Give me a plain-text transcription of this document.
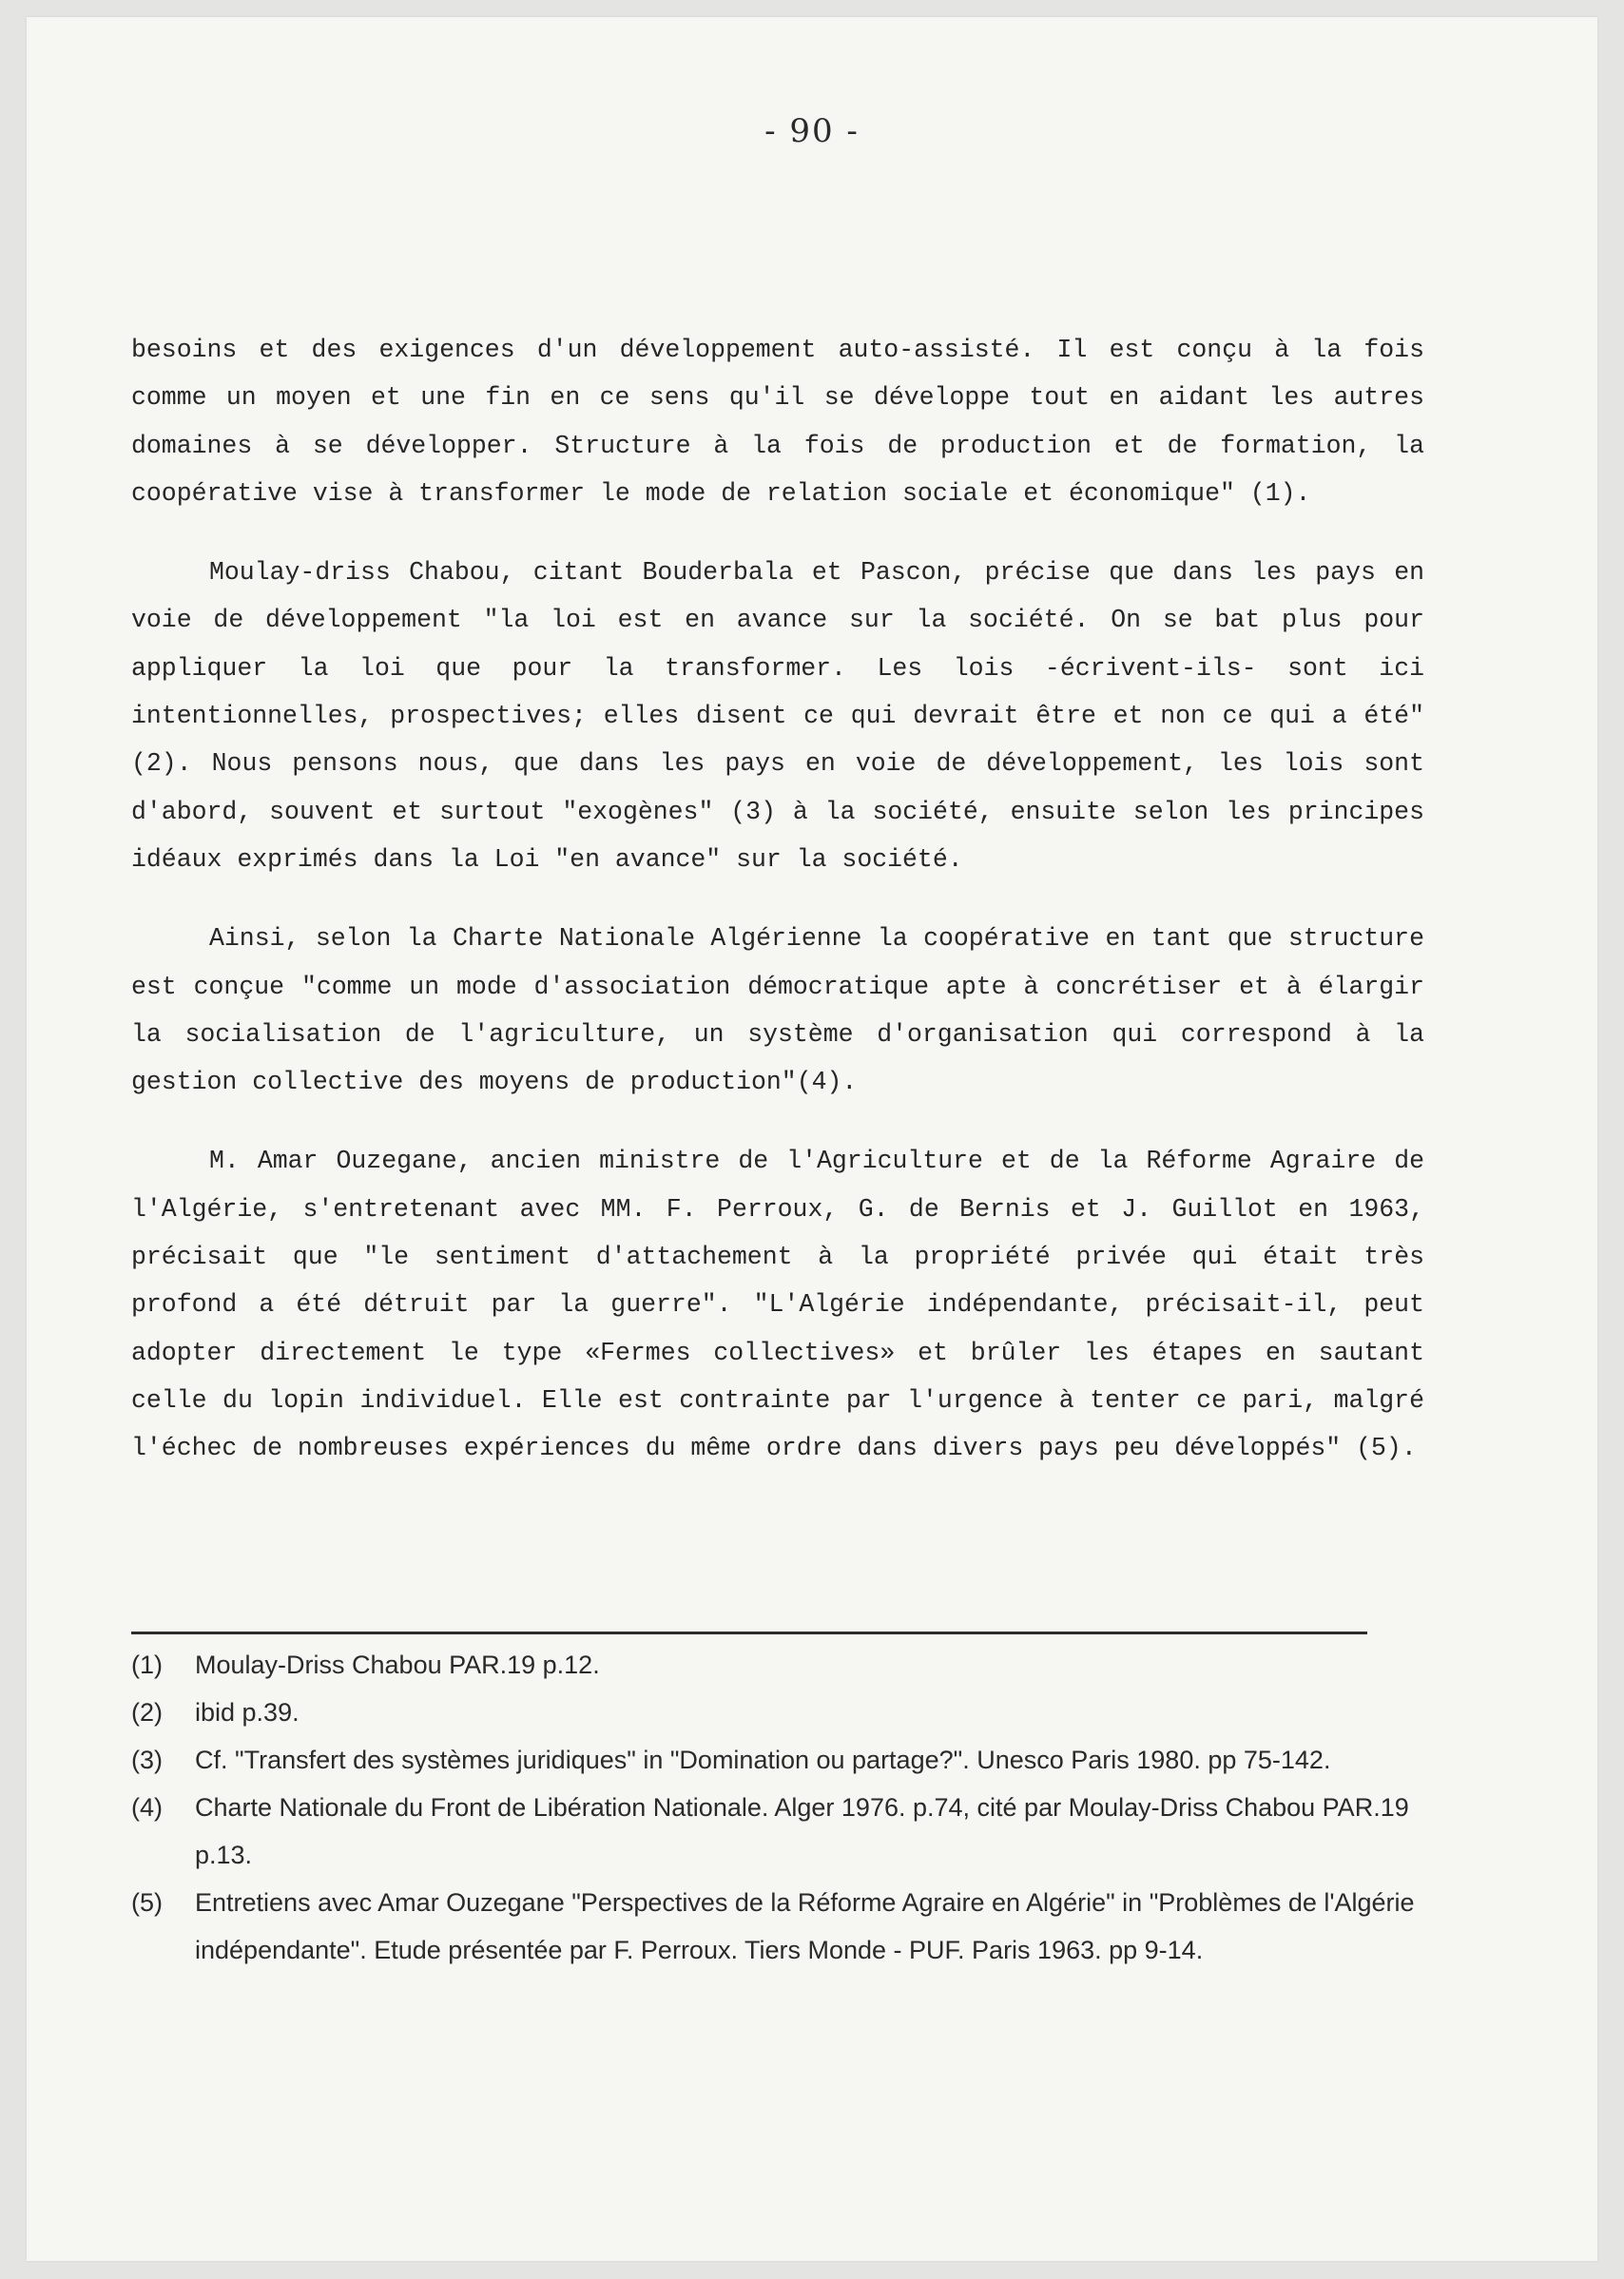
- 90 -

besoins et des exigences d'un développement auto-assisté. Il est conçu à la fois comme un moyen et une fin en ce sens qu'il se développe tout en aidant les autres domaines à se développer. Structure à la fois de production et de formation, la coopérative vise à transformer le mode de relation sociale et économique" (1).

Moulay-driss Chabou, citant Bouderbala et Pascon, précise que dans les pays en voie de développement "la loi est en avance sur la société. On se bat plus pour appliquer la loi que pour la transformer. Les lois -écrivent-ils- sont ici intentionnelles, prospectives; elles disent ce qui devrait être et non ce qui a été" (2). Nous pensons nous, que dans les pays en voie de développement, les lois sont d'abord, souvent et surtout "exogènes" (3) à la société, ensuite selon les principes idéaux exprimés dans la Loi "en avance" sur la société.

Ainsi, selon la Charte Nationale Algérienne la coopérative en tant que structure est conçue "comme un mode d'association démocratique apte à concrétiser et à élargir la socialisation de l'agriculture, un système d'organisation qui correspond à la gestion collective des moyens de production"(4).

M. Amar Ouzegane, ancien ministre de l'Agriculture et de la Réforme Agraire de l'Algérie, s'entretenant avec MM. F. Perroux, G. de Bernis et J. Guillot en 1963, précisait que "le sentiment d'attachement à la propriété privée qui était très profond a été détruit par la guerre". "L'Algérie indépendante, précisait-il, peut adopter directement le type «Fermes collectives» et brûler les étapes en sautant celle du lopin individuel. Elle est contrainte par l'urgence à tenter ce pari, malgré l'échec de nombreuses expériences du même ordre dans divers pays peu développés" (5).

(1) Moulay-Driss Chabou PAR.19 p.12.
(2) ibid p.39.
(3) Cf. "Transfert des systèmes juridiques" in "Domination ou partage?". Unesco Paris 1980. pp 75-142.
(4) Charte Nationale du Front de Libération Nationale. Alger 1976. p.74, cité par Moulay-Driss Chabou PAR.19 p.13.
(5) Entretiens avec Amar Ouzegane "Perspectives de la Réforme Agraire en Algérie" in "Problèmes de l'Algérie indépendante". Etude présentée par F. Perroux. Tiers Monde - PUF. Paris 1963. pp 9-14.
